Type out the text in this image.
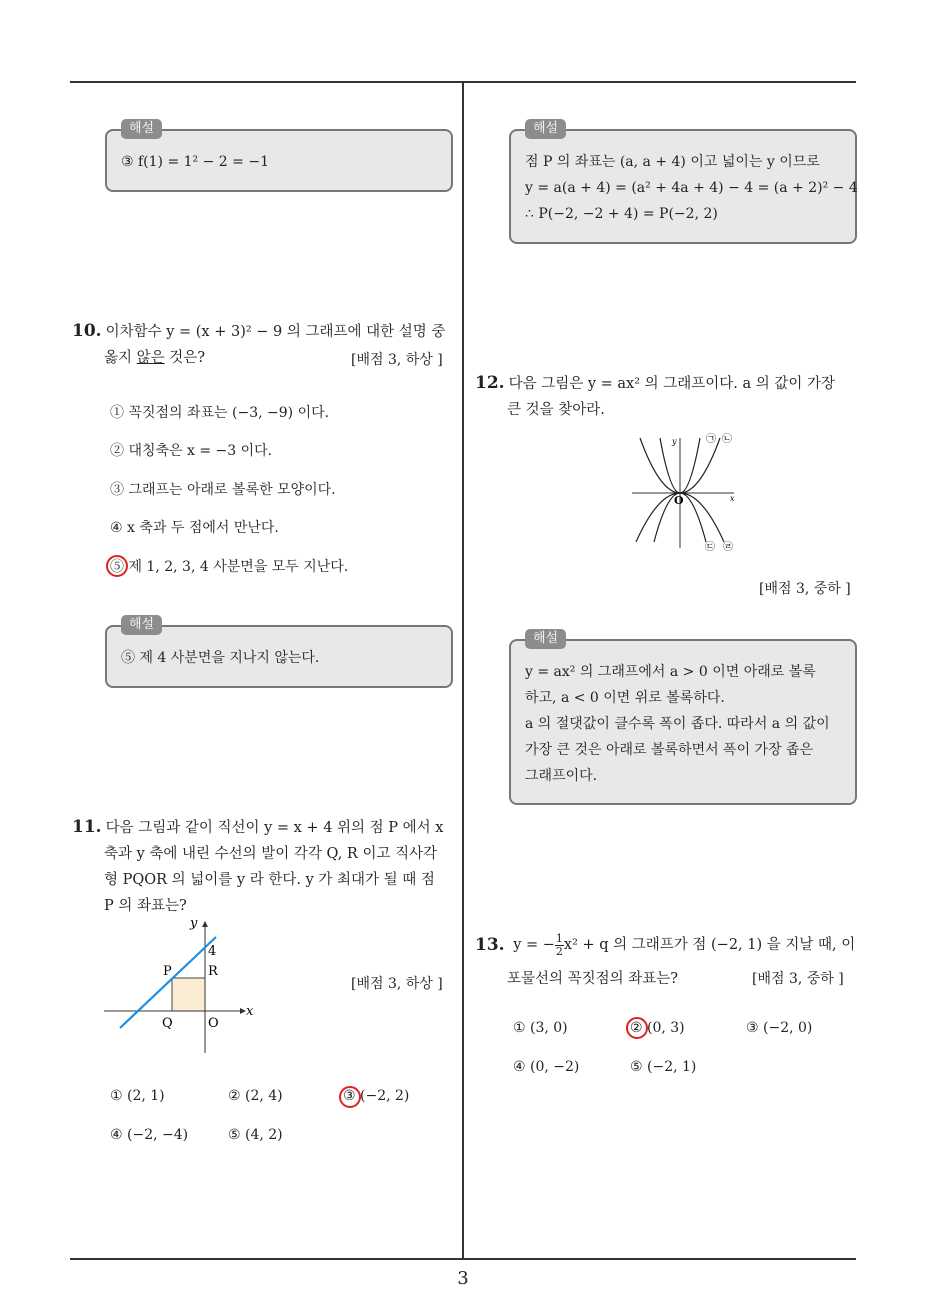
해설
③ f(1) = 1² − 2 = −1
10. 이차함수 y = (x + 3)² − 9 의 그래프에 대한 설명 중
옳지 않은 것은?	[배점 3, 하상 ]
① 꼭짓점의 좌표는 (−3, −9) 이다.
② 대칭축은 x = −3 이다.
③ 그래프는 아래로 볼록한 모양이다.
④ x 축과 두 점에서 만난다.
⑤ 제 1, 2, 3, 4 사분면을 모두 지난다.
해설
⑤ 제 4 사분면을 지나지 않는다.
11. 다음 그림과 같이 직선이 y = x + 4 위의 점 P 에서 x
축과 y 축에 내린 수선의 발이 각각 Q, R 이고 직사각
형 PQOR 의 넓이를 y 라 한다. y 가 최대가 될 때 점
P 의 좌표는?
y
x
4
P	R
Q	O
[배점 3, 하상 ]
① (2, 1)	② (2, 4)	③ (−2, 2)
④ (−2, −4)	⑤ (4, 2)
해설
점 P 의 좌표는 (a, a + 4) 이고 넓이는 y 이므로
y = a(a + 4) = (a² + 4a + 4) − 4 = (a + 2)² − 4
∴ P(−2, −2 + 4) = P(−2, 2)
12. 다음 그림은 y = ax² 의 그래프이다. a 의 값이 가장
큰 것을 찾아라.
y
x
O
㉠ ㉡
㉢ ㉣
[배점 3, 중하 ]
해설
y = ax² 의 그래프에서 a > 0 이면 아래로 볼록
하고, a < 0 이면 위로 볼록하다.
a 의 절댓값이 클수록 폭이 좁다. 따라서 a 의 값이
가장 큰 것은 아래로 볼록하면서 폭이 가장 좁은
그래프이다.
13. y = − $\frac{1}{2} x^2 + q$ 의 그래프가 점 (−2, 1) 을 지날 때, 이
포물선의 꼭짓점의 좌표는?	[배점 3, 중하 ]
① (3, 0)	② (0, 3)	③ (−2, 0)
④ (0, −2)	⑤ (−2, 1)
3
